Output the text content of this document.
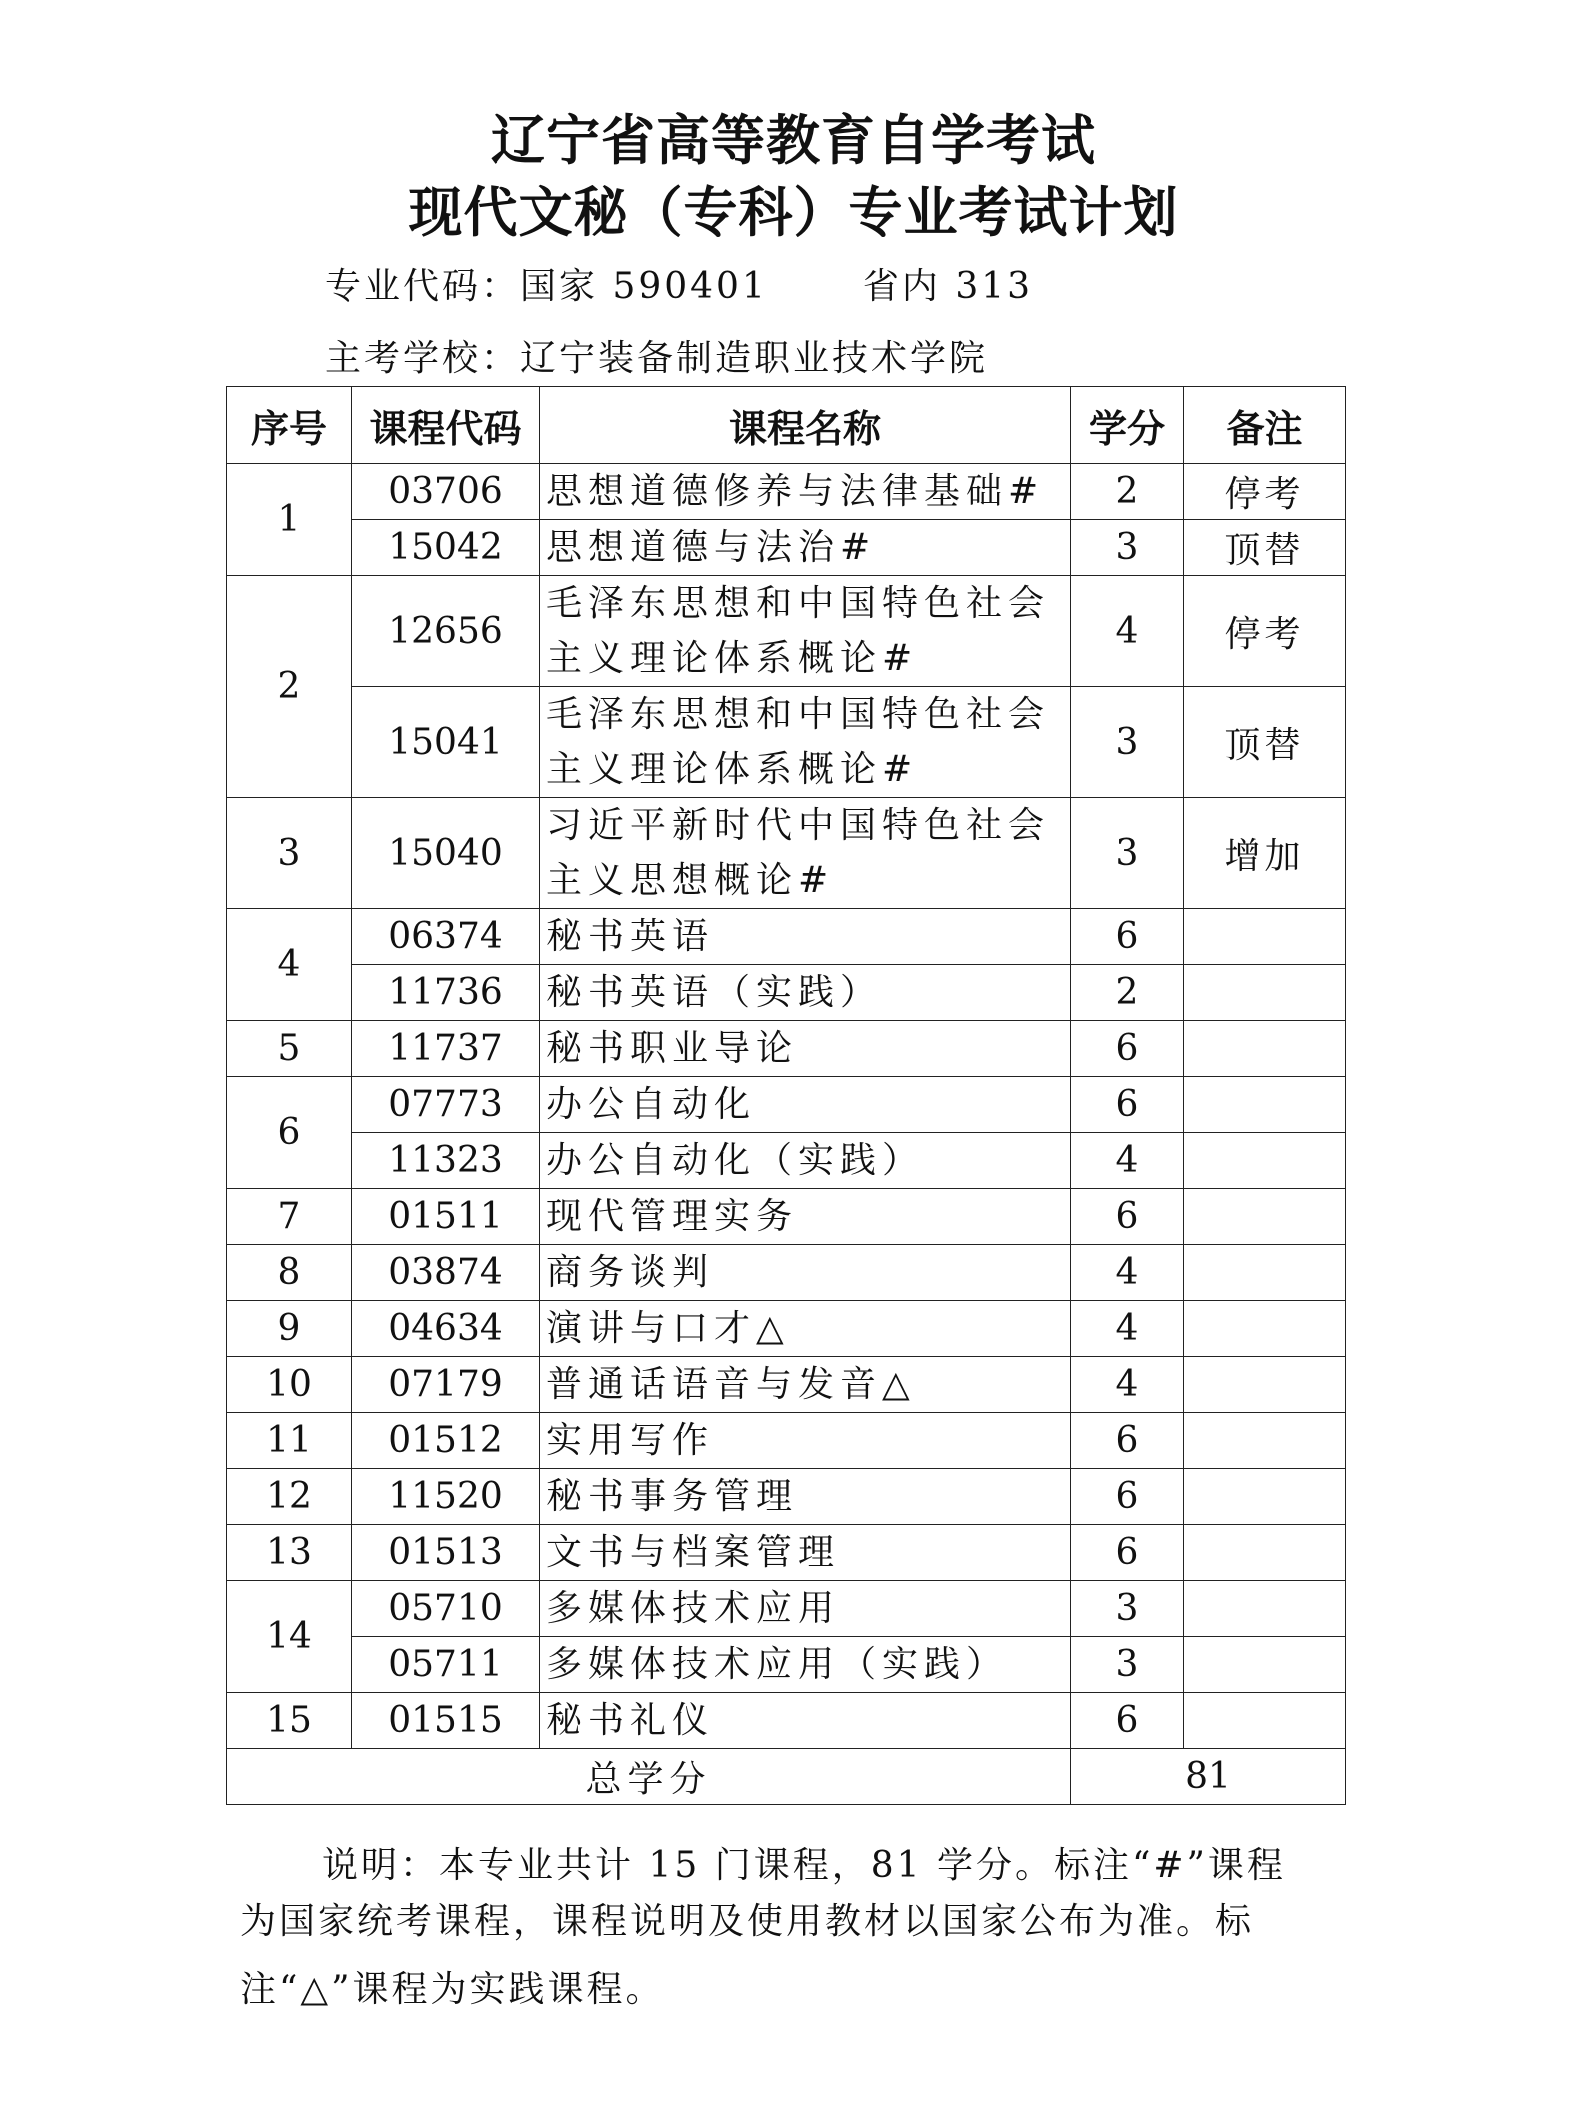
辽宁省高等教育自学考试
现代文秘（专科）专业考试计划

专业代码：国家 590401	省内 313

主考学校：辽宁装备制造职业技术学院

序号	课程代码	课程名称	学分	备注
1	03706	思想道德修养与法律基础#	2	停考
	15042	思想道德与法治#	3	顶替
2	12656	毛泽东思想和中国特色社会
主义理论体系概论#	4	停考
	15041	毛泽东思想和中国特色社会
主义理论体系概论#	3	顶替
3	15040	习近平新时代中国特色社会
主义思想概论#	3	增加
4	06374	秘书英语	6	
	11736	秘书英语（实践）	2	
5	11737	秘书职业导论	6	
6	07773	办公自动化	6	
	11323	办公自动化（实践）	4	
7	01511	现代管理实务	6	
8	03874	商务谈判	4	
9	04634	演讲与口才△	4	
10	07179	普通话语音与发音△	4	
11	01512	实用写作	6	
12	11520	秘书事务管理	6	
13	01513	文书与档案管理	6	
14	05710	多媒体技术应用	3	
	05711	多媒体技术应用（实践）	3	
15	01515	秘书礼仪	6	
总学分			81	

说明：本专业共计 15 门课程，81 学分。标注“#”课程

为国家统考课程，课程说明及使用教材以国家公布为准。标

注“△”课程为实践课程。
